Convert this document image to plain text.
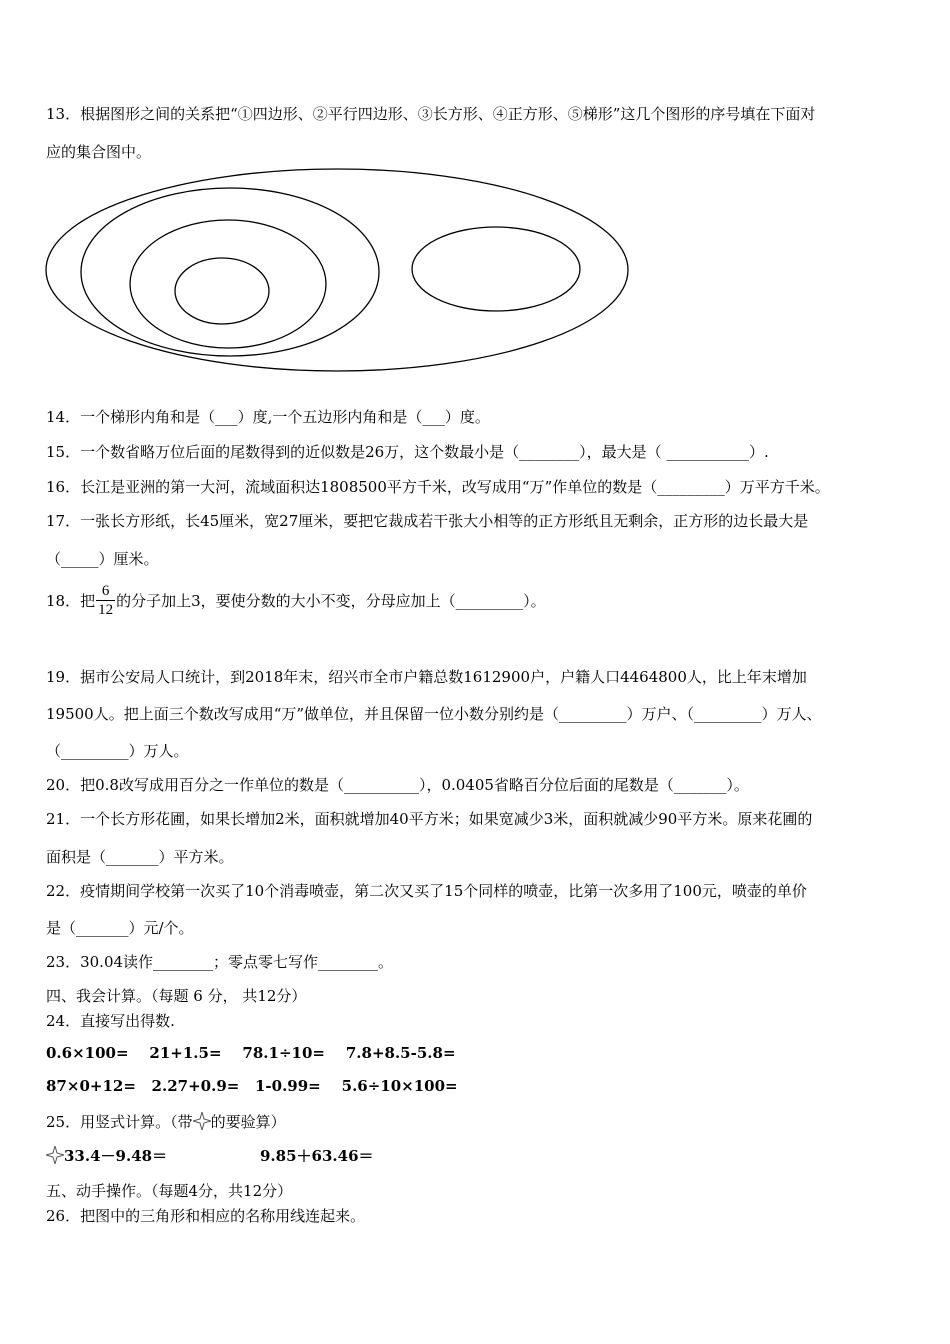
13．根据图形之间的关系把“①四边形、②平行四边形、③长方形、④正方形、⑤梯形”这几个图形的序号填在下面对
应的集合图中。
14．一个梯形内角和是（___）度,一个五边形内角和是（___）度。
15．一个数省略万位后面的尾数得到的近似数是26万，这个数最小是（________），最大是（ ___________）.
16．长江是亚洲的第一大河，流域面积达1808500平方千米，改写成用“万”作单位的数是（_________）万平方千米。
17．一张长方形纸，长45厘米，宽27厘米，要把它裁成若干张大小相等的正方形纸且无剩余，正方形的边长最大是
（_____）厘米。
18．把 $\frac{6}{12}$ 的分子加上3，要使分数的大小不变，分母应加上（_________）。
19．据市公安局人口统计，到2018年末，绍兴市全市户籍总数1612900户，户籍人口4464800人，比上年末增加
19500人。把上面三个数改写成用“万”做单位，并且保留一位小数分别约是（_________）万户、（_________）万人、
（_________）万人。
20．把0.8改写成用百分之一作单位的数是（__________），0.0405省略百分位后面的尾数是（_______）。
21．一个长方形花圃，如果长增加2米，面积就增加40平方米；如果宽减少3米，面积就减少90平方米。原来花圃的
面积是（_______）平方米。
22．疫情期间学校第一次买了10个消毒喷壶，第二次又买了15个同样的喷壶，比第一次多用了100元，喷壶的单价
是（_______）元/个。
23．30.04读作________；零点零七写作________。
四、我会计算。（每题 6 分， 共12分）
24．直接写出得数.
0.6×100=    21+1.5=    78.1÷10=    7.8+8.5-5.8=
87×0+12=   2.27+0.9=   1-0.99=    5.6÷10×100=
25．用竖式计算。（带 的要验算）
33.4－9.48＝	9.85＋63.46＝
五、动手操作。（每题4分，共12分）
26．把图中的三角形和相应的名称用线连起来。
